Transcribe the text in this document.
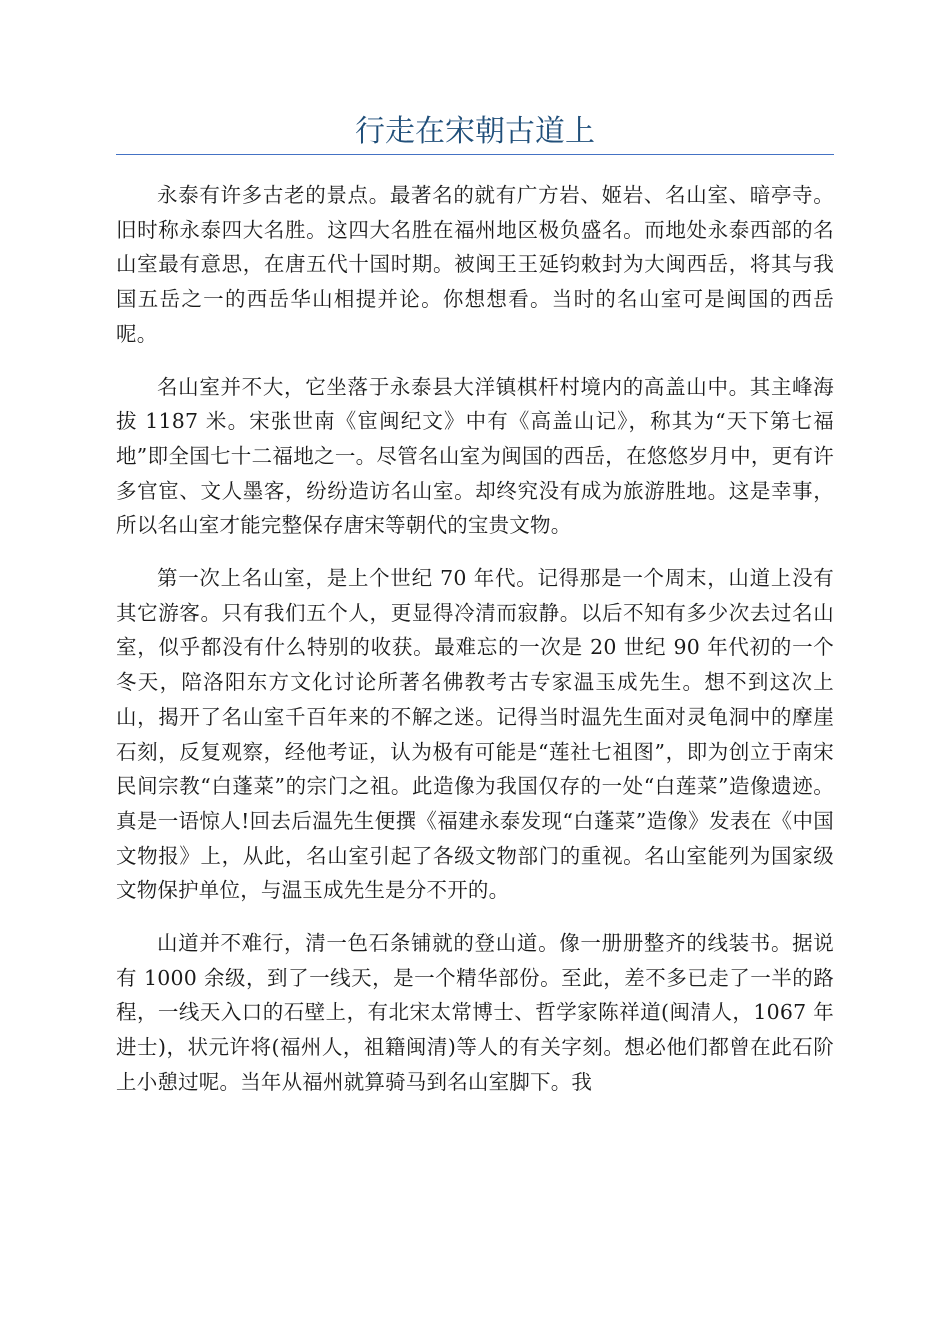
行走在宋朝古道上

永泰有许多古老的景点。最著名的就有广方岩、姬岩、名山室、暗亭寺。旧时称永泰四大名胜。这四大名胜在福州地区极负盛名。而地处永泰西部的名山室最有意思，在唐五代十国时期。被闽王王延钧敕封为大闽西岳，将其与我国五岳之一的西岳华山相提并论。你想想看。当时的名山室可是闽国的西岳呢。

名山室并不大，它坐落于永泰县大洋镇棋杆村境内的高盖山中。其主峰海拔 1187 米。宋张世南《宦闽纪文》中有《高盖山记》，称其为“天下第七福地”即全国七十二福地之一。尽管名山室为闽国的西岳，在悠悠岁月中，更有许多官宦、文人墨客，纷纷造访名山室。却终究没有成为旅游胜地。这是幸事，所以名山室才能完整保存唐宋等朝代的宝贵文物。

第一次上名山室，是上个世纪 70 年代。记得那是一个周末，山道上没有其它游客。只有我们五个人，更显得冷清而寂静。以后不知有多少次去过名山室，似乎都没有什么特别的收获。最难忘的一次是 20 世纪 90 年代初的一个冬天，陪洛阳东方文化讨论所著名佛教考古专家温玉成先生。想不到这次上山，揭开了名山室千百年来的不解之迷。记得当时温先生面对灵龟洞中的摩崖石刻，反复观察，经他考证，认为极有可能是“莲社七祖图”，即为创立于南宋民间宗教“白蓬菜”的宗门之祖。此造像为我国仅存的一处“白莲菜”造像遗迹。真是一语惊人!回去后温先生便撰《福建永泰发现“白蓬菜”造像》发表在《中国文物报》上，从此，名山室引起了各级文物部门的重视。名山室能列为国家级文物保护单位，与温玉成先生是分不开的。

山道并不难行，清一色石条铺就的登山道。像一册册整齐的线装书。据说有 1000 余级，到了一线天，是一个精华部份。至此，差不多已走了一半的路程，一线天入口的石壁上，有北宋太常博士、哲学家陈祥道(闽清人，1067 年进士)，状元许将(福州人，祖籍闽清)等人的有关字刻。想必他们都曾在此石阶上小憩过呢。当年从福州就算骑马到名山室脚下。我
